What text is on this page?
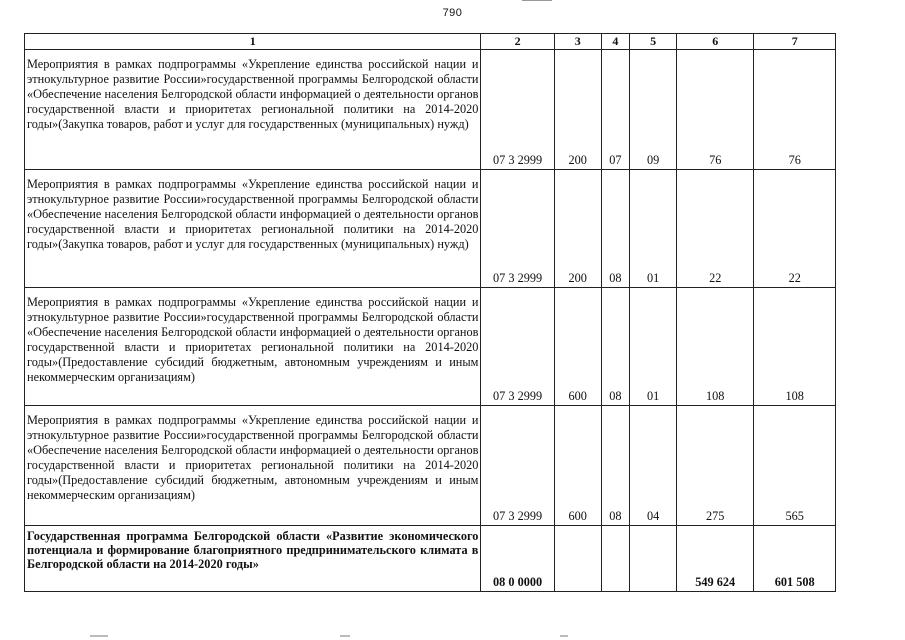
790
1	2	3	4	5	6	7
Мероприятия в рамках подпрограммы «Укрепление единства российской нации и этнокультурное развитие России»государственной программы Белгородской области «Обеспечение населения Белгородской области информацией о деятельности органов государственной власти и приоритетах региональной политики на 2014-2020 годы»(Закупка товаров, работ и услуг для государственных (муниципальных) нужд)	07 3 2999	200	07	09	76	76
Мероприятия в рамках подпрограммы «Укрепление единства российской нации и этнокультурное развитие России»государственной программы Белгородской области «Обеспечение населения Белгородской области информацией о деятельности органов государственной власти и приоритетах региональной политики на 2014-2020 годы»(Закупка товаров, работ и услуг для государственных (муниципальных) нужд)	07 3 2999	200	08	01	22	22
Мероприятия в рамках подпрограммы «Укрепление единства российской нации и этнокультурное развитие России»государственной программы Белгородской области «Обеспечение населения Белгородской области информацией о деятельности органов государственной власти и приоритетах региональной политики на 2014-2020 годы»(Предоставление субсидий бюджетным, автономным учреждениям и иным некоммерческим организациям)	07 3 2999	600	08	01	108	108
Мероприятия в рамках подпрограммы «Укрепление единства российской нации и этнокультурное развитие России»государственной программы Белгородской области «Обеспечение населения Белгородской области информацией о деятельности органов государственной власти и приоритетах региональной политики на 2014-2020 годы»(Предоставление субсидий бюджетным, автономным учреждениям и иным некоммерческим организациям)	07 3 2999	600	08	04	275	565
Государственная программа Белгородской области «Развитие экономического потенциала и формирование благоприятного предпринимательского климата в Белгородской области на 2014-2020 годы»	08 0 0000				549 624	601 508
